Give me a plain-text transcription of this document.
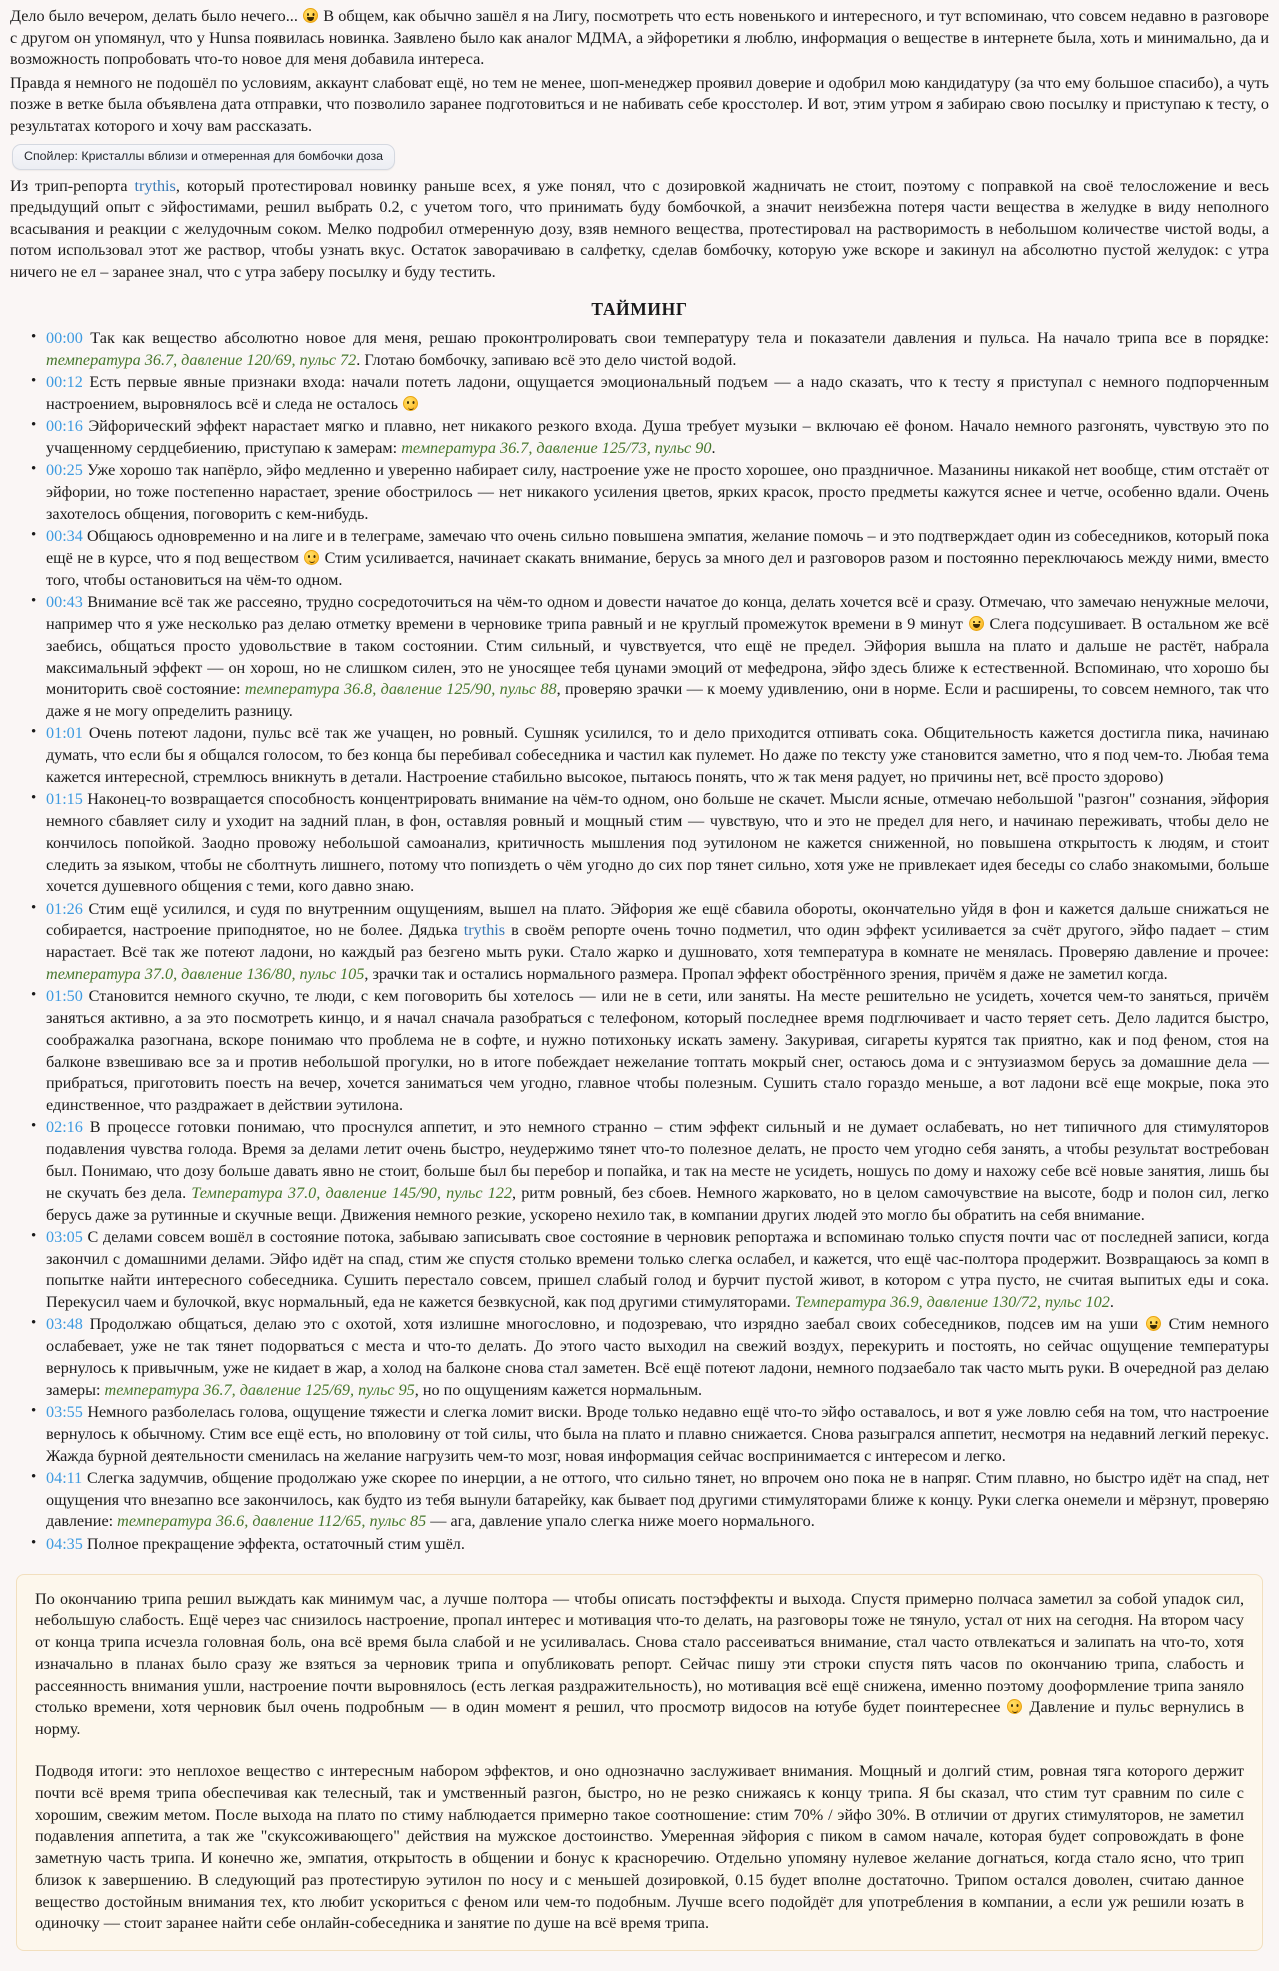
Дело было вечером, делать было нечего...  В общем, как обычно зашёл я на Лигу, посмотреть что есть новенького и интересного, и тут вспоминаю, что совсем недавно в разговоре с другом он упомянул, что у Hunsa появилась новинка. Заявлено было как аналог МДМА, а эйфоретики я люблю, информация о веществе в интернете была, хоть и минимально, да и возможность попробовать что-то новое для меня добавила интереса.

Правда я немного не подошёл по условиям, аккаунт слабоват ещё, но тем не менее, шоп-менеджер проявил доверие и одобрил мою кандидатуру (за что ему большое спасибо), а чуть позже в ветке была объявлена дата отправки, что позволило заранее подготовиться и не набивать себе кросстолер. И вот, этим утром я забираю свою посылку и приступаю к тесту, о результатах которого и хочу вам рассказать.

Спойлер: Кристаллы вблизи и отмеренная для бомбочки доза

Из трип-репорта trythis, который протестировал новинку раньше всех, я уже понял, что с дозировкой жадничать не стоит, поэтому с поправкой на своё телосложение и весь предыдущий опыт с эйфостимами, решил выбрать 0.2, с учетом того, что принимать буду бомбочкой, а значит неизбежна потеря части вещества в желудке в виду неполного всасывания и реакции с желудочным соком. Мелко подробил отмеренную дозу, взяв немного вещества, протестировал на растворимость в небольшом количестве чистой воды, а потом использовал этот же раствор, чтобы узнать вкус. Остаток заворачиваю в салфетку, сделав бомбочку, которую уже вскоре и закинул на абсолютно пустой желудок: с утра ничего не ел – заранее знал, что с утра заберу посылку и буду тестить.

ТАЙМИНГ
• 00:00 Так как вещество абсолютно новое для меня, решаю проконтролировать свои температуру тела и показатели давления и пульса. На начало трипа все в порядке: температура 36.7, давление 120/69, пульс 72. Глотаю бомбочку, запиваю всё это дело чистой водой.
• 00:12 Есть первые явные признаки входа: начали потеть ладони, ощущается эмоциональный подъем — а надо сказать, что к тесту я приступал с немного подпорченным настроением, выровнялось всё и следа не осталось
• 00:16 Эйфорический эффект нарастает мягко и плавно, нет никакого резкого входа. Душа требует музыки – включаю её фоном. Начало немного разгонять, чувствую это по учащенному сердцебиению, приступаю к замерам: температура 36.7, давление 125/73, пульс 90.
• 00:25 Уже хорошо так напёрло, эйфо медленно и уверенно набирает силу, настроение уже не просто хорошее, оно праздничное. Мазанины никакой нет вообще, стим отстаёт от эйфории, но тоже постепенно нарастает, зрение обострилось — нет никакого усиления цветов, ярких красок, просто предметы кажутся яснее и четче, особенно вдали. Очень захотелось общения, поговорить с кем-нибудь.
• 00:34 Общаюсь одновременно и на лиге и в телеграме, замечаю что очень сильно повышена эмпатия, желание помочь – и это подтверждает один из собеседников, который пока ещё не в курсе, что я под веществом  Стим усиливается, начинает скакать внимание, берусь за много дел и разговоров разом и постоянно переключаюсь между ними, вместо того, чтобы остановиться на чём-то одном.
• 00:43 Внимание всё так же рассеяно, трудно сосредоточиться на чём-то одном и довести начатое до конца, делать хочется всё и сразу. Отмечаю, что замечаю ненужные мелочи, например что я уже несколько раз делаю отметку времени в черновике трипа равный и не круглый промежуток времени в 9 минут  Слега подсушивает. В остальном же всё заебись, общаться просто удовольствие в таком состоянии. Стим сильный, и чувствуется, что ещё не предел. Эйфория вышла на плато и дальше не растёт, набрала максимальный эффект — он хорош, но не слишком силен, это не уносящее тебя цунами эмоций от мефедрона, эйфо здесь ближе к естественной. Вспоминаю, что хорошо бы мониторить своё состояние: температура 36.8, давление 125/90, пульс 88, проверяю зрачки — к моему удивлению, они в норме. Если и расширены, то совсем немного, так что даже я не могу определить разницу.
• 01:01 Очень потеют ладони, пульс всё так же учащен, но ровный. Сушняк усилился, то и дело приходится отпивать сока. Общительность кажется достигла пика, начинаю думать, что если бы я общался голосом, то без конца бы перебивал собеседника и частил как пулемет. Но даже по тексту уже становится заметно, что я под чем-то. Любая тема кажется интересной, стремлюсь вникнуть в детали. Настроение стабильно высокое, пытаюсь понять, что ж так меня радует, но причины нет, всё просто здорово)
• 01:15 Наконец-то возвращается способность концентрировать внимание на чём-то одном, оно больше не скачет. Мысли ясные, отмечаю небольшой "разгон" сознания, эйфория немного сбавляет силу и уходит на задний план, в фон, оставляя ровный и мощный стим — чувствую, что и это не предел для него, и начинаю переживать, чтобы дело не кончилось попойкой. Заодно провожу небольшой самоанализ, критичность мышления под эутилоном не кажется сниженной, но повышена открытость к людям, и стоит следить за языком, чтобы не сболтнуть лишнего, потому что попиздеть о чём угодно до сих пор тянет сильно, хотя уже не привлекает идея беседы со слабо знакомыми, больше хочется душевного общения с теми, кого давно знаю.
• 01:26 Стим ещё усилился, и судя по внутренним ощущениям, вышел на плато. Эйфория же ещё сбавила обороты, окончательно уйдя в фон и кажется дальше снижаться не собирается, настроение приподнятое, но не более. Дядька trythis в своём репорте очень точно подметил, что один эффект усиливается за счёт другого, эйфо падает – стим нарастает. Всё так же потеют ладони, но каждый раз безгено мыть руки. Стало жарко и душновато, хотя температура в комнате не менялась. Проверяю давление и прочее: температура 37.0, давление 136/80, пульс 105, зрачки так и остались нормального размера. Пропал эффект обострённого зрения, причём я даже не заметил когда.
• 01:50 Становится немного скучно, те люди, с кем поговорить бы хотелось — или не в сети, или заняты. На месте решительно не усидеть, хочется чем-то заняться, причём заняться активно, а за это посмотреть кинцо, и я начал сначала разобраться с телефоном, который последнее время подглючивает и часто теряет сеть. Дело ладится быстро, соображалка разогнана, вскоре понимаю что проблема не в софте, и нужно потихоньку искать замену. Закуривая, сигареты курятся так приятно, как и под феном, стоя на балконе взвешиваю все за и против небольшой прогулки, но в итоге побеждает нежелание топтать мокрый снег, остаюсь дома и с энтузиазмом берусь за домашние дела — прибраться, приготовить поесть на вечер, хочется заниматься чем угодно, главное чтобы полезным. Сушить стало гораздо меньше, а вот ладони всё еще мокрые, пока это единственное, что раздражает в действии эутилона.
• 02:16 В процессе готовки понимаю, что проснулся аппетит, и это немного странно – стим эффект сильный и не думает ослабевать, но нет типичного для стимуляторов подавления чувства голода. Время за делами летит очень быстро, неудержимо тянет что-то полезное делать, не просто чем угодно себя занять, а чтобы результат востребован был. Понимаю, что дозу больше давать явно не стоит, больше был бы перебор и попайка, и так на месте не усидеть, ношусь по дому и нахожу себе всё новые занятия, лишь бы не скучать без дела. Температура 37.0, давление 145/90, пульс 122, ритм ровный, без сбоев. Немного жарковато, но в целом самочувствие на высоте, бодр и полон сил, легко берусь даже за рутинные и скучные вещи. Движения немного резкие, ускорено нехило так, в компании других людей это могло бы обратить на себя внимание.
• 03:05 С делами совсем вошёл в состояние потока, забываю записывать свое состояние в черновик репортажа и вспоминаю только спустя почти час от последней записи, когда закончил с домашними делами. Эйфо идёт на спад, стим же спустя столько времени только слегка ослабел, и кажется, что ещё час-полтора продержит. Возвращаюсь за комп в попытке найти интересного собеседника. Сушить перестало совсем, пришел слабый голод и бурчит пустой живот, в котором с утра пусто, не считая выпитых еды и сока. Перекусил чаем и булочкой, вкус нормальный, еда не кажется безвкусной, как под другими стимуляторами. Температура 36.9, давление 130/72, пульс 102.
• 03:48 Продолжаю общаться, делаю это с охотой, хотя излишне многословно, и подозреваю, что изрядно заебал своих собеседников, подсев им на уши  Стим немного ослабевает, уже не так тянет подорваться с места и что-то делать. До этого часто выходил на свежий воздух, перекурить и постоять, но сейчас ощущение температуры вернулось к привычным, уже не кидает в жар, а холод на балконе снова стал заметен. Всё ещё потеют ладони, немного подзаебало так часто мыть руки. В очередной раз делаю замеры: температура 36.7, давление 125/69, пульс 95, но по ощущениям кажется нормальным.
• 03:55 Немного разболелась голова, ощущение тяжести и слегка ломит виски. Вроде только недавно ещё что-то эйфо оставалось, и вот я уже ловлю себя на том, что настроение вернулось к обычному. Стим все ещё есть, но вполовину от той силы, что была на плато и плавно снижается. Снова разыгрался аппетит, несмотря на недавний легкий перекус. Жажда бурной деятельности сменилась на желание нагрузить чем-то мозг, новая информация сейчас воспринимается с интересом и легко.
• 04:11 Слегка задумчив, общение продолжаю уже скорее по инерции, а не оттого, что сильно тянет, но впрочем оно пока не в напряг. Стим плавно, но быстро идёт на спад, нет ощущения что внезапно все закончилось, как будто из тебя вынули батарейку, как бывает под другими стимуляторами ближе к концу. Руки слегка онемели и мёрзнут, проверяю давление: температура 36.6, давление 112/65, пульс 85 — ага, давление упало слегка ниже моего нормального.
• 04:35 Полное прекращение эффекта, остаточный стим ушёл.

По окончанию трипа решил выждать как минимум час, а лучше полтора — чтобы описать постэффекты и выхода. Спустя примерно полчаса заметил за собой упадок сил, небольшую слабость. Ещё через час снизилось настроение, пропал интерес и мотивация что-то делать, на разговоры тоже не тянуло, устал от них на сегодня. На втором часу от конца трипа исчезла головная боль, она всё время была слабой и не усиливалась. Снова стало рассеиваться внимание, стал часто отвлекаться и залипать на что-то, хотя изначально в планах было сразу же взяться за черновик трипа и опубликовать репорт. Сейчас пишу эти строки спустя пять часов по окончанию трипа, слабость и рассеянность внимания ушли, настроение почти выровнялось (есть легкая раздражительность), но мотивация всё ещё снижена, именно поэтому дооформление трипа заняло столько времени, хотя черновик был очень подробным — в один момент я решил, что просмотр видосов на ютубе будет поинтереснее  Давление и пульс вернулись в норму.

Подводя итоги: это неплохое вещество с интересным набором эффектов, и оно однозначно заслуживает внимания. Мощный и долгий стим, ровная тяга которого держит почти всё время трипа обеспечивая как телесный, так и умственный разгон, быстро, но не резко снижаясь к концу трипа. Я бы сказал, что стим тут сравним по силе с хорошим, свежим метом. После выхода на плато по стиму наблюдается примерно такое соотношение: стим 70% / эйфо 30%. В отличии от других стимуляторов, не заметил подавления аппетита, а так же "скуксоживающего" действия на мужское достоинство. Умеренная эйфория с пиком в самом начале, которая будет сопровождать в фоне заметную часть трипа. И конечно же, эмпатия, открытость в общении и бонус к красноречию. Отдельно упомяну нулевое желание догнаться, когда стало ясно, что трип близок к завершению. В следующий раз протестирую эутилон по носу и с меньшей дозировкой, 0.15 будет вполне достаточно. Трипом остался доволен, считаю данное вещество достойным внимания тех, кто любит ускориться с феном или чем-то подобным. Лучше всего подойдёт для употребления в компании, а если уж решили юзать в одиночку — стоит заранее найти себе онлайн-собеседника и занятие по душе на всё время трипа.
